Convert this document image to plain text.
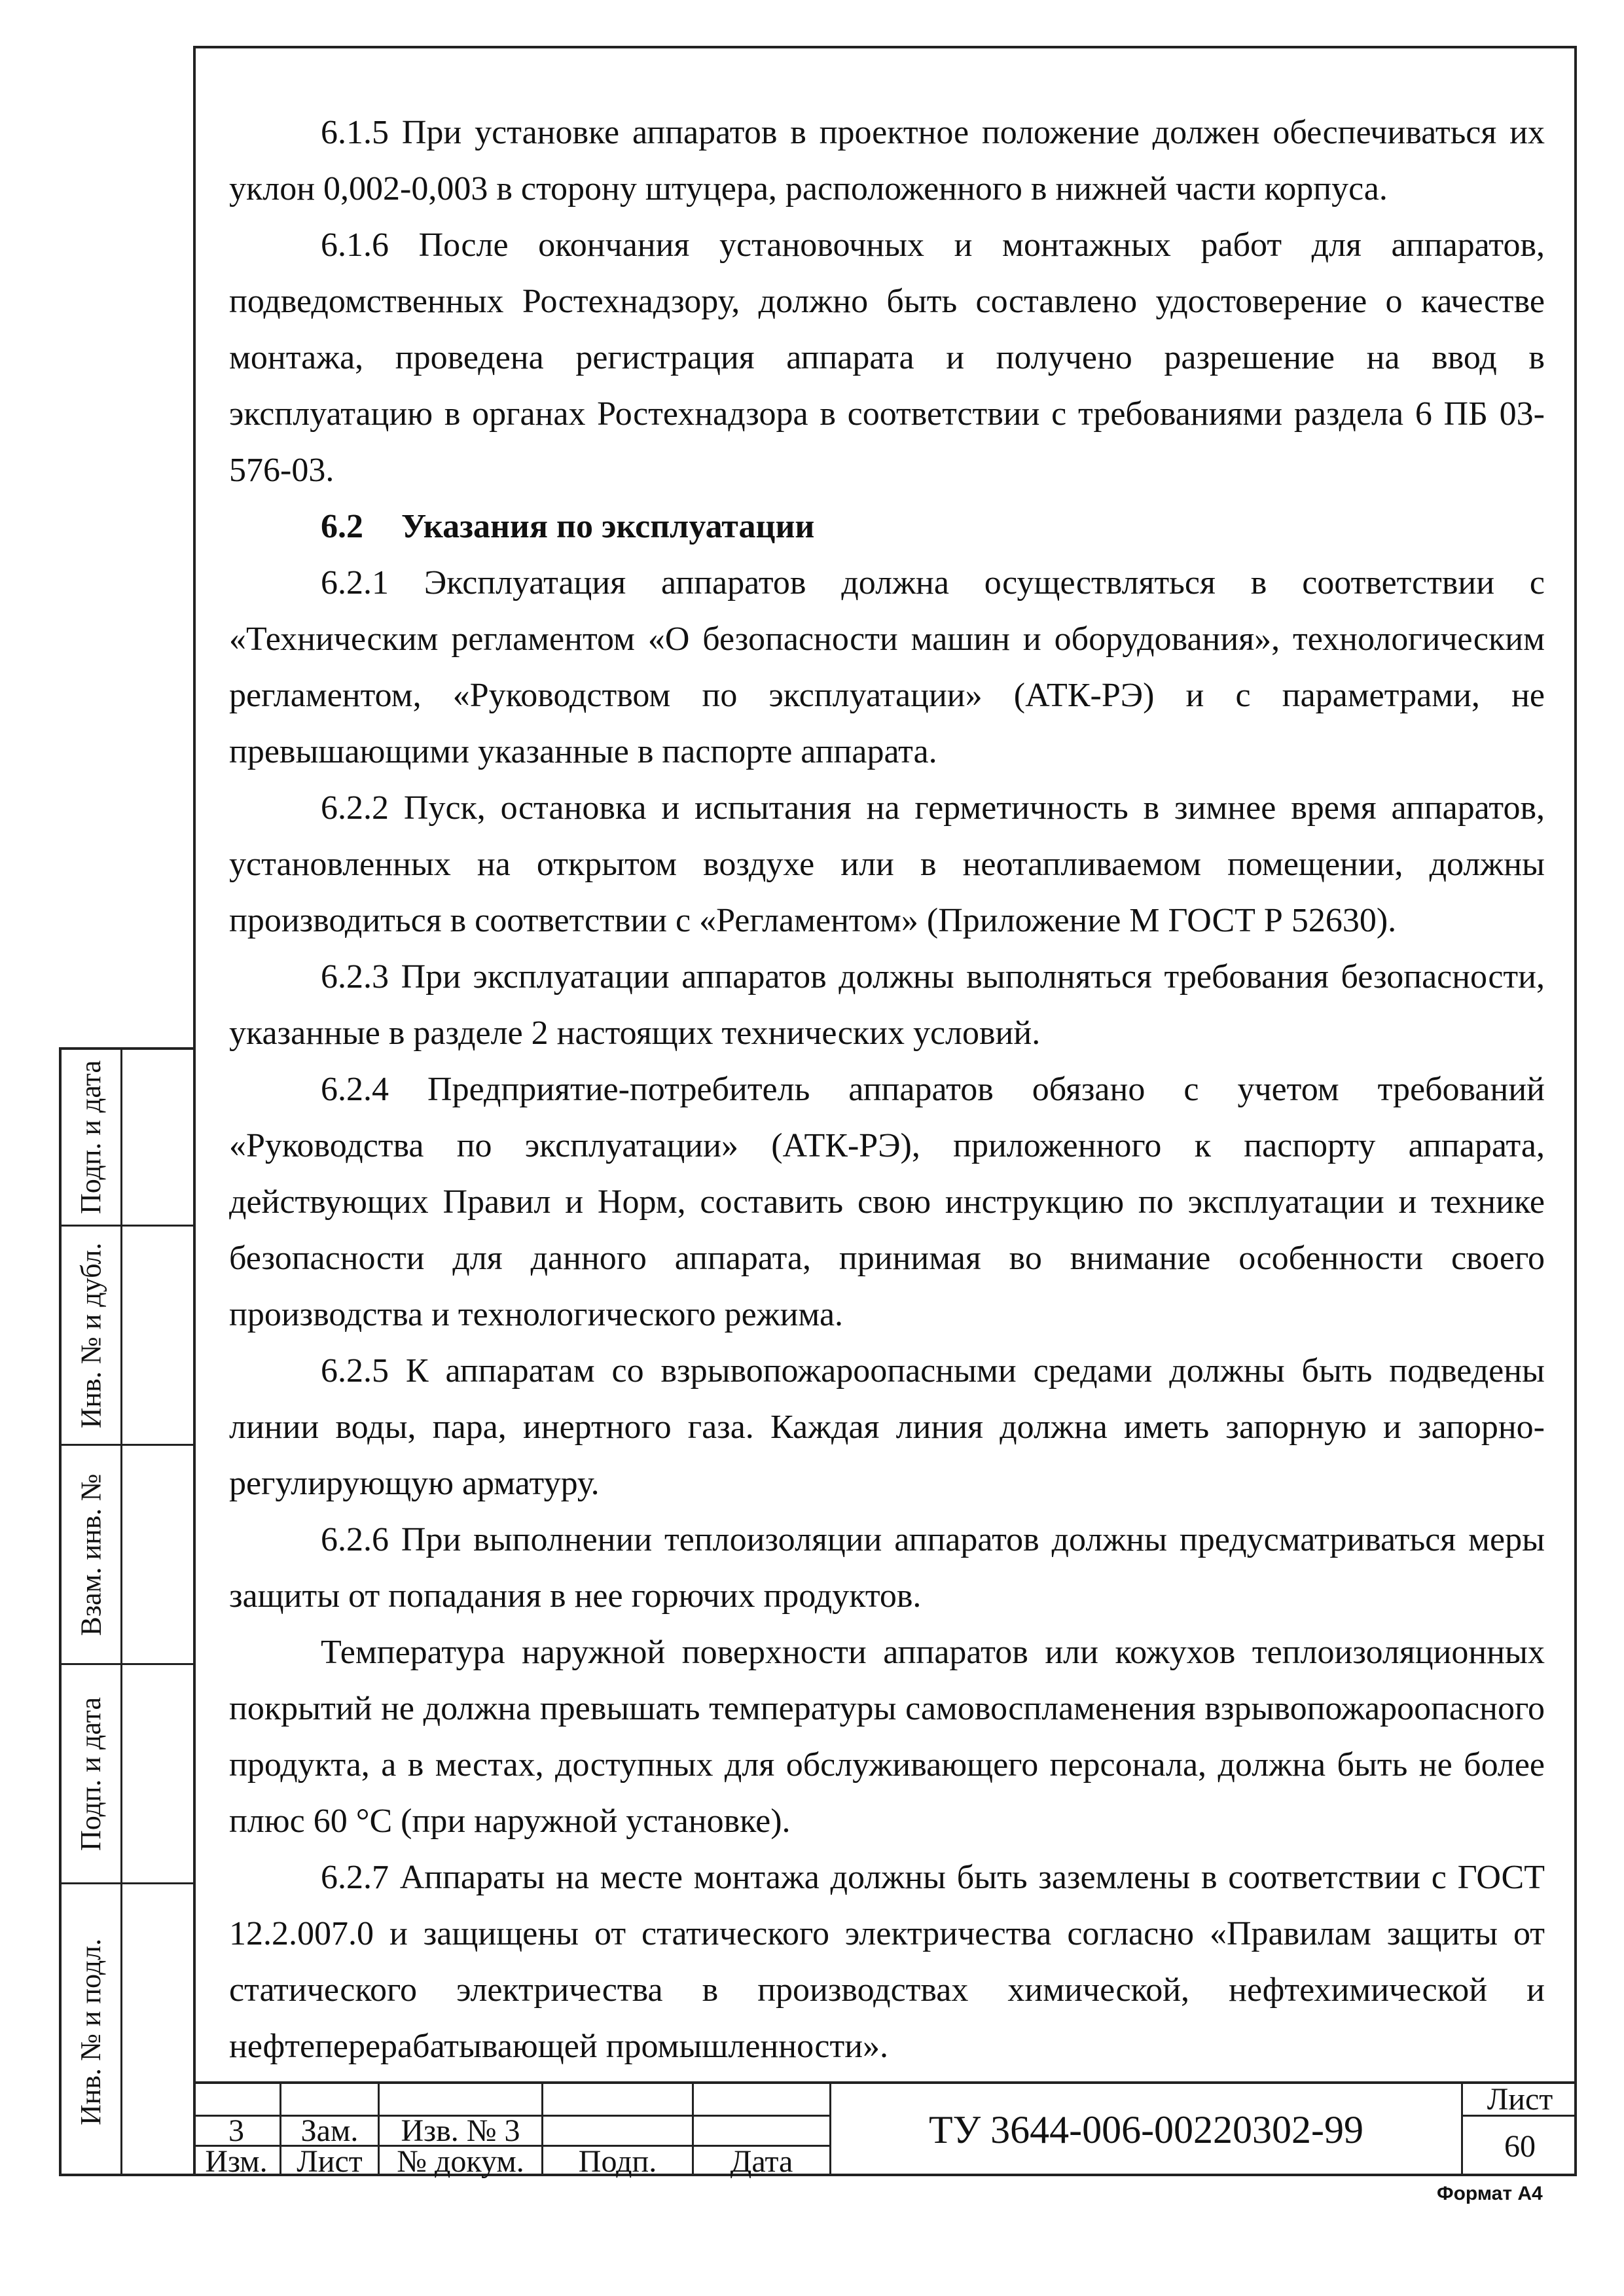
6.1.5 При установке аппаратов в проектное положение должен обеспечиваться их уклон 0,002-0,003 в сторону штуцера, расположенного в нижней части корпуса.

6.1.6 После окончания установочных и монтажных работ для аппаратов, подведомственных Ростехнадзору, должно быть составлено удостоверение о качестве монтажа, проведена регистрация аппарата и получено разрешение на ввод в эксплуатацию в органах Ростехнадзора в соответствии с требованиями раздела 6 ПБ 03-576-03.

6.2 Указания по эксплуатации

6.2.1 Эксплуатация аппаратов должна осуществляться в соответствии с «Техническим регламентом «О безопасности машин и оборудования», технологическим регламентом, «Руководством по эксплуатации» (АТК-РЭ) и с параметрами, не превышающими указанные в паспорте аппарата.

6.2.2 Пуск, остановка и испытания на герметичность в зимнее время аппаратов, установленных на открытом воздухе или в неотапливаемом помещении, должны производиться в соответствии с «Регламентом» (Приложение М ГОСТ Р 52630).

6.2.3 При эксплуатации аппаратов должны выполняться требования безопасности, указанные в разделе 2 настоящих технических условий.

6.2.4 Предприятие-потребитель аппаратов обязано с учетом требований «Руководства по эксплуатации» (АТК-РЭ), приложенного к паспорту аппарата, действующих Правил и Норм, составить свою инструкцию по эксплуатации и технике безопасности для данного аппарата, принимая во внимание особенности своего производства и технологического режима.

6.2.5 К аппаратам со взрывопожароопасными средами должны быть подведены линии воды, пара, инертного газа. Каждая линия должна иметь запорную и запорно-регулирующую арматуру.

6.2.6 При выполнении теплоизоляции аппаратов должны предусматриваться меры защиты от попадания в нее горючих продуктов.

Температура наружной поверхности аппаратов или кожухов теплоизоляционных покрытий не должна превышать температуры самовоспламенения взрывопожароопасного продукта, а в местах, доступных для обслуживающего персонала, должна быть не более плюс 60 °С (при наружной установке).

6.2.7 Аппараты на месте монтажа должны быть заземлены в соответствии с ГОСТ 12.2.007.0 и защищены от статического электричества согласно «Правилам защиты от статического электричества в производствах химической, нефтехимической и нефтеперерабатывающей промышленности».

Подп. и дата
Инв. № и дубл.
Взам. инв. №
Подп. и дата
Инв. № и подл.
3	Зам.	Изв. № 3
Изм. Лист	№ докум.	Подп.	Дата
ТУ 3644-006-00220302-99
Лист
60
Формат А4
